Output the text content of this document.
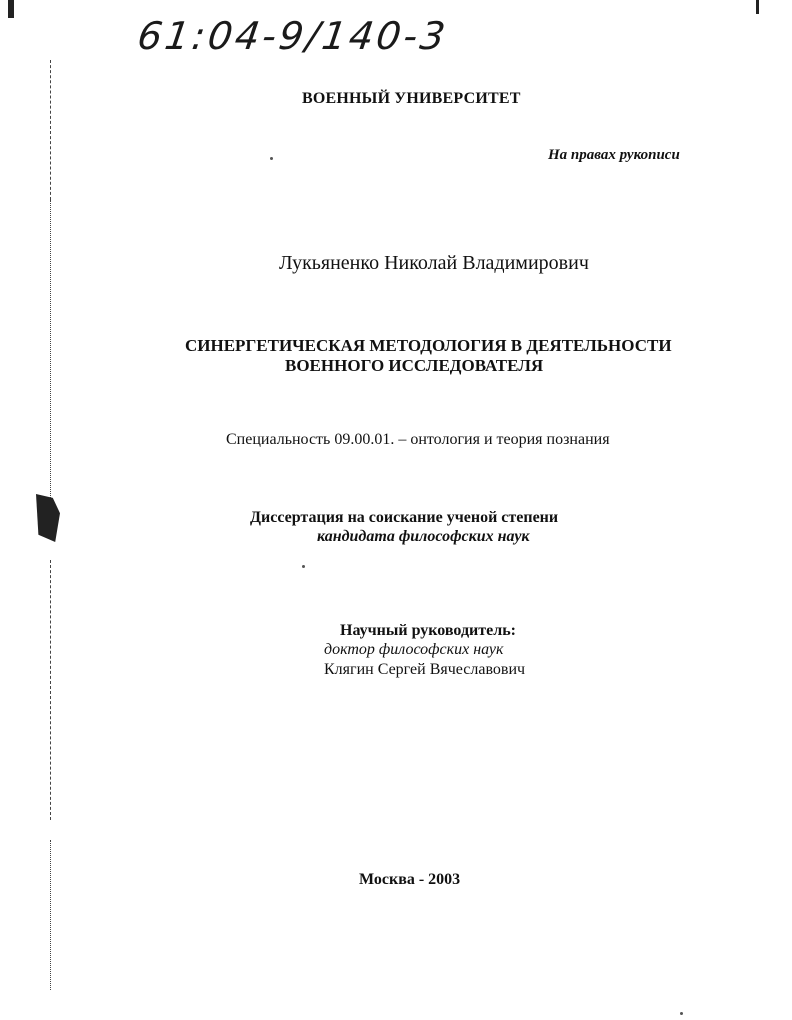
61:04-9/140-3
ВОЕННЫЙ УНИВЕРСИТЕТ
На правах рукописи
Лукьяненко Николай Владимирович
СИНЕРГЕТИЧЕСКАЯ МЕТОДОЛОГИЯ В ДЕЯТЕЛЬНОСТИ
ВОЕННОГО ИССЛЕДОВАТЕЛЯ
Специальность 09.00.01. – онтология и теория познания
Диссертация на соискание ученой степени
кандидата философских наук
Научный руководитель:
доктор философских наук
Клягин Сергей Вячеславович
Москва - 2003
